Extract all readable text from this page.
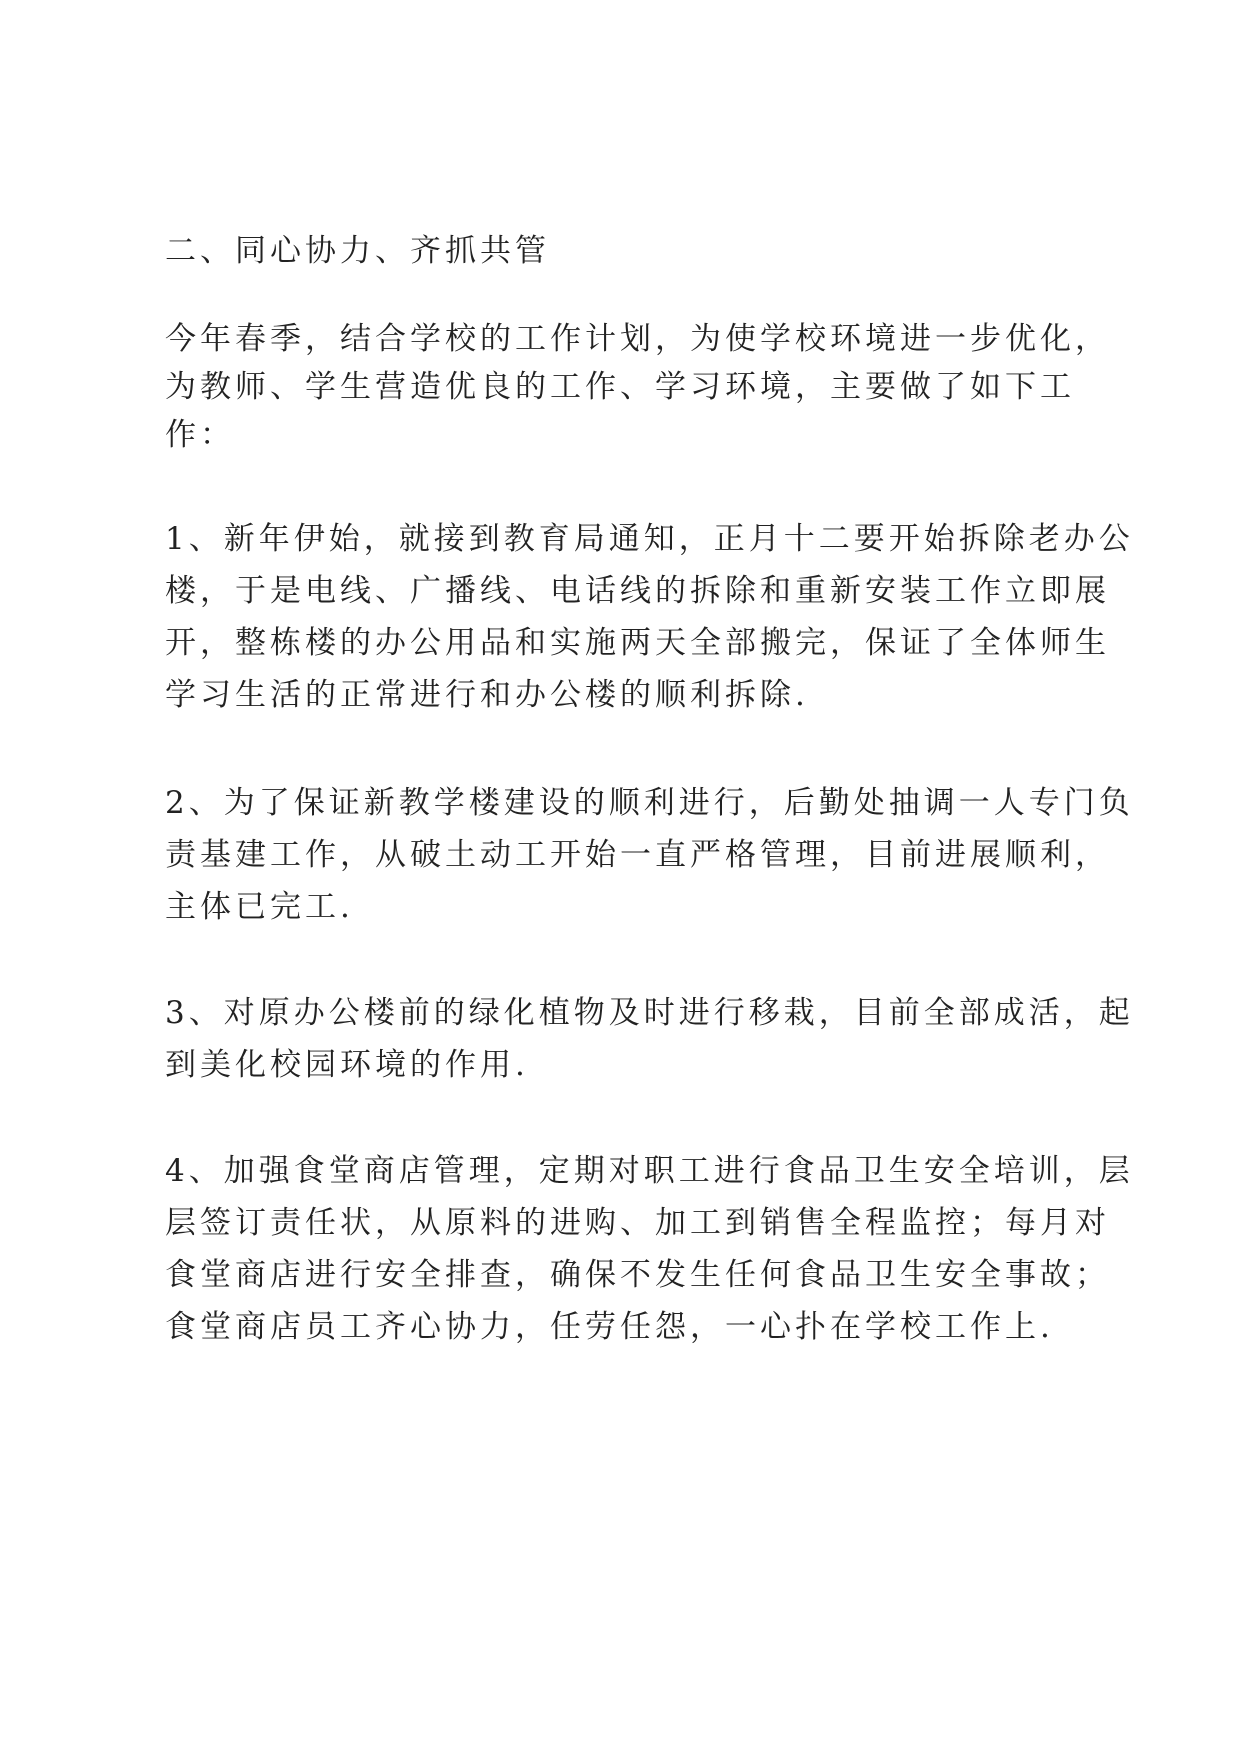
二、同心协力、齐抓共管

今年春季，结合学校的工作计划，为使学校环境进一步优化，

为教师、学生营造优良的工作、学习环境，主要做了如下工

作：

1、新年伊始，就接到教育局通知，正月十二要开始拆除老办公

楼，于是电线、广播线、电话线的拆除和重新安装工作立即展

开，整栋楼的办公用品和实施两天全部搬完，保证了全体师生

学习生活的正常进行和办公楼的顺利拆除.

2、为了保证新教学楼建设的顺利进行，后勤处抽调一人专门负

责基建工作，从破土动工开始一直严格管理，目前进展顺利，

主体已完工.

3、对原办公楼前的绿化植物及时进行移栽，目前全部成活，起

到美化校园环境的作用.

4、加强食堂商店管理，定期对职工进行食品卫生安全培训，层

层签订责任状，从原料的进购、加工到销售全程监控；每月对

食堂商店进行安全排查，确保不发生任何食品卫生安全事故；

食堂商店员工齐心协力，任劳任怨，一心扑在学校工作上.
